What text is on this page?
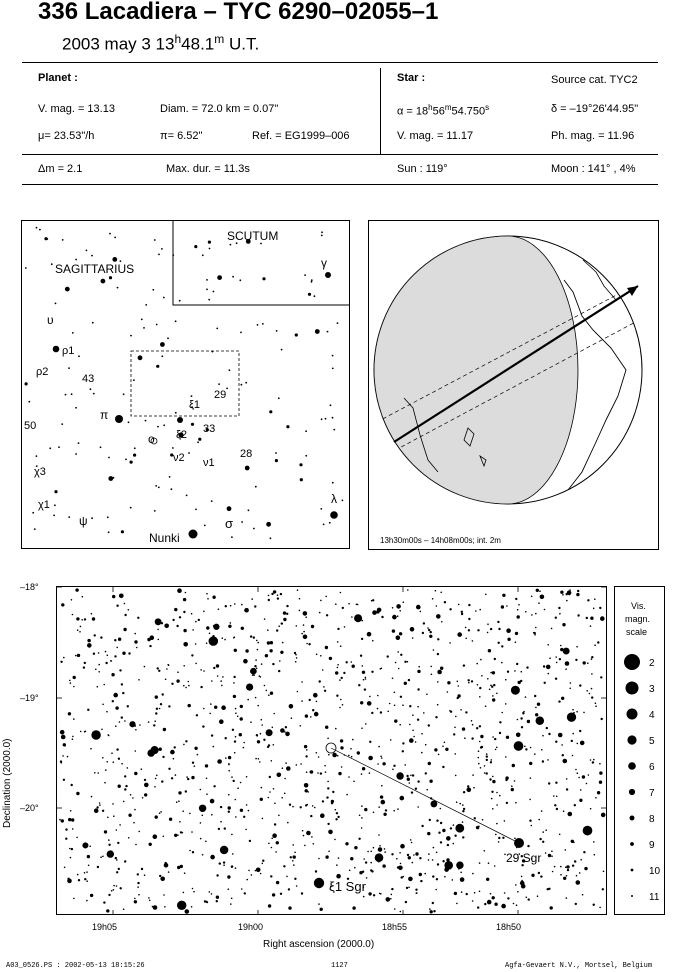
336 Lacadiera – TYC 6290–02055–1
2003 may 3 13$^h$48.1$^m$ U.T.
Planet :
V. mag. = 13.13	Diam. = 72.0 km = 0.07"
μ= 23.53"/h	π= 6.52"	Ref. = EG1999–006
Star :	Source cat. TYC2
$\alpha = 18^h56^m54.750^s$	δ = –19°26'44.95"
V. mag. = 11.17	Ph. mag. = 11.96
Δm = 2.1	Max. dur. = 11.3s	Sun : 119°	Moon : 141° , 4%
SAGITTARIUS
SCUTUM
υ
ρ1
ρ2
43
π
50
ο
ξ1
29
ξ2 33
ν2 ν1
28
χ3
χ1
ψ
γ
λ
Nunki
σ
13h30m00s – 14h08m00s; int. 2m
ξ1 Sgr
29 Sgr
–18°
–19°
–20°
19h05	19h00	18h55	18h50
Right ascension (2000.0)
Declination (2000.0)
Vis.
magn.
scale
2
3
4
5
6
7
8
9
10
11
A03_0526.PS : 2002-05-13 18:15:26	1127	Agfa-Gevaert N.V., Mortsel, Belgium
